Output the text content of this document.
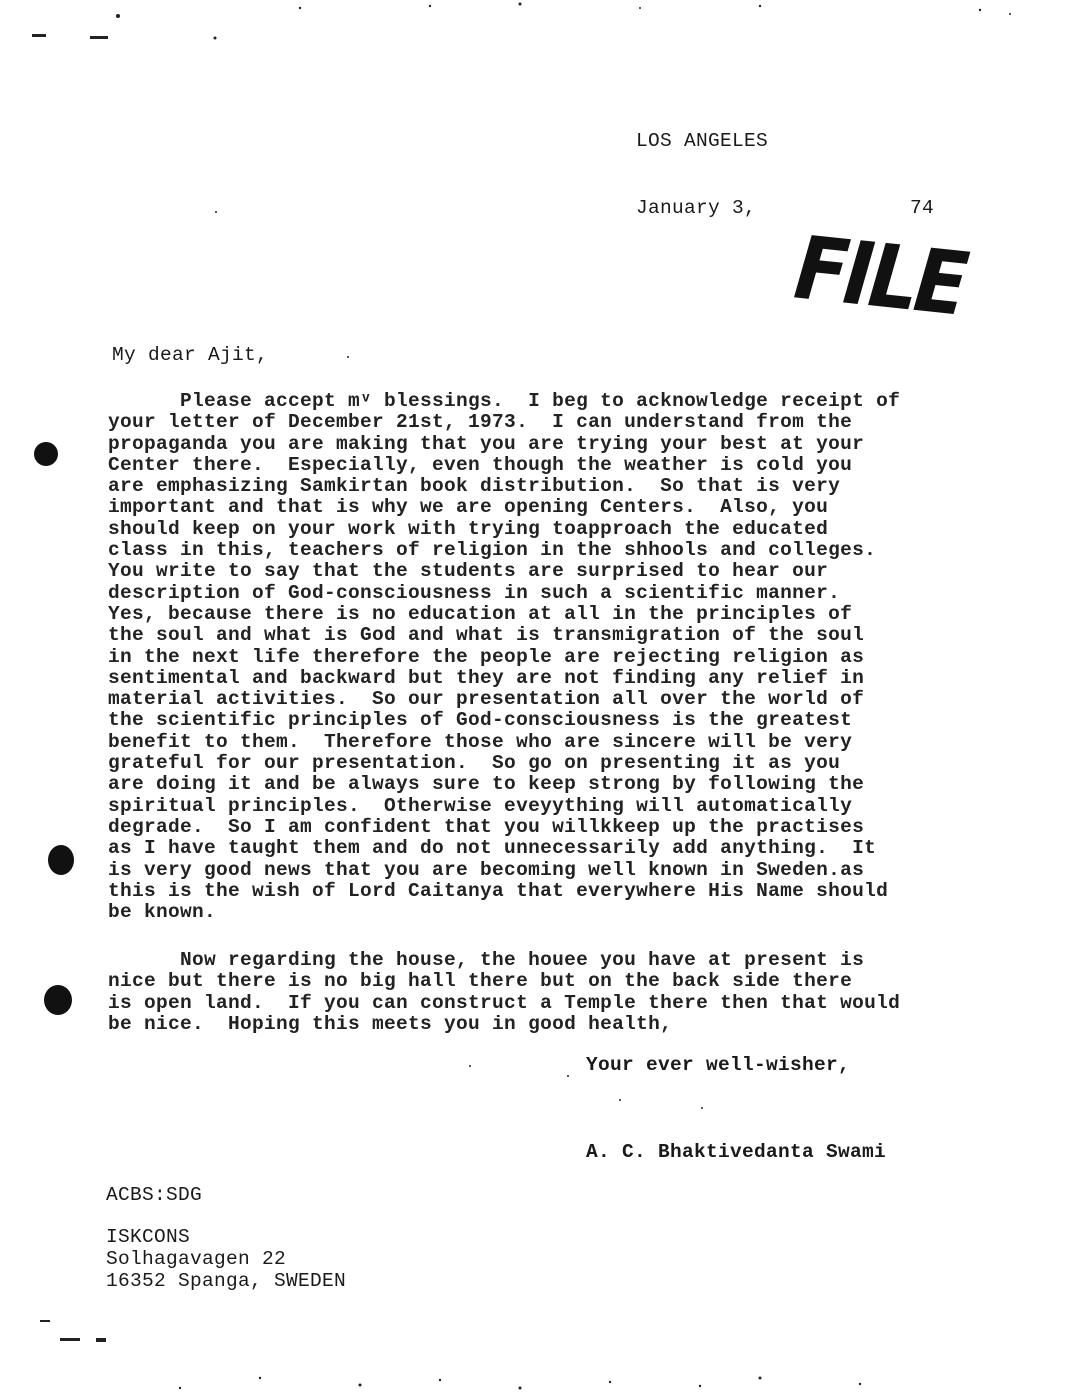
LOS ANGELES
January 3,	74
FILE
My dear Ajit,
Please accept mᵛ blessings.  I beg to acknowledge receipt of
your letter of December 21st, 1973.  I can understand from the
propaganda you are making that you are trying your best at your
Center there.  Especially, even though the weather is cold you
are emphasizing Samkirtan book distribution.  So that is very
important and that is why we are opening Centers.  Also, you
should keep on your work with trying toapproach the educated
class in this, teachers of religion in the shhools and colleges.
You write to say that the students are surprised to hear our
description of God-consciousness in such a scientific manner.
Yes, because there is no education at all in the principles of
the soul and what is God and what is transmigration of the soul
in the next life therefore the people are rejecting religion as
sentimental and backward but they are not finding any relief in
material activities.  So our presentation all over the world of
the scientific principles of God-consciousness is the greatest
benefit to them.  Therefore those who are sincere will be very
grateful for our presentation.  So go on presenting it as you
are doing it and be always sure to keep strong by following the
spiritual principles.  Otherwise eveyything will automatically
degrade.  So I am confident that you willkkeep up the practises
as I have taught them and do not unnecessarily add anything.  It
is very good news that you are becoming well known in Sweden.as
this is the wish of Lord Caitanya that everywhere His Name should
be known.
Now regarding the house, the houee you have at present is
nice but there is no big hall there but on the back side there
is open land.  If you can construct a Temple there then that would
be nice.  Hoping this meets you in good health,
Your ever well-wisher,
A. C. Bhaktivedanta Swami
ACBS:SDG
ISKCONS
Solhagavagen 22
16352 Spanga, SWEDEN
